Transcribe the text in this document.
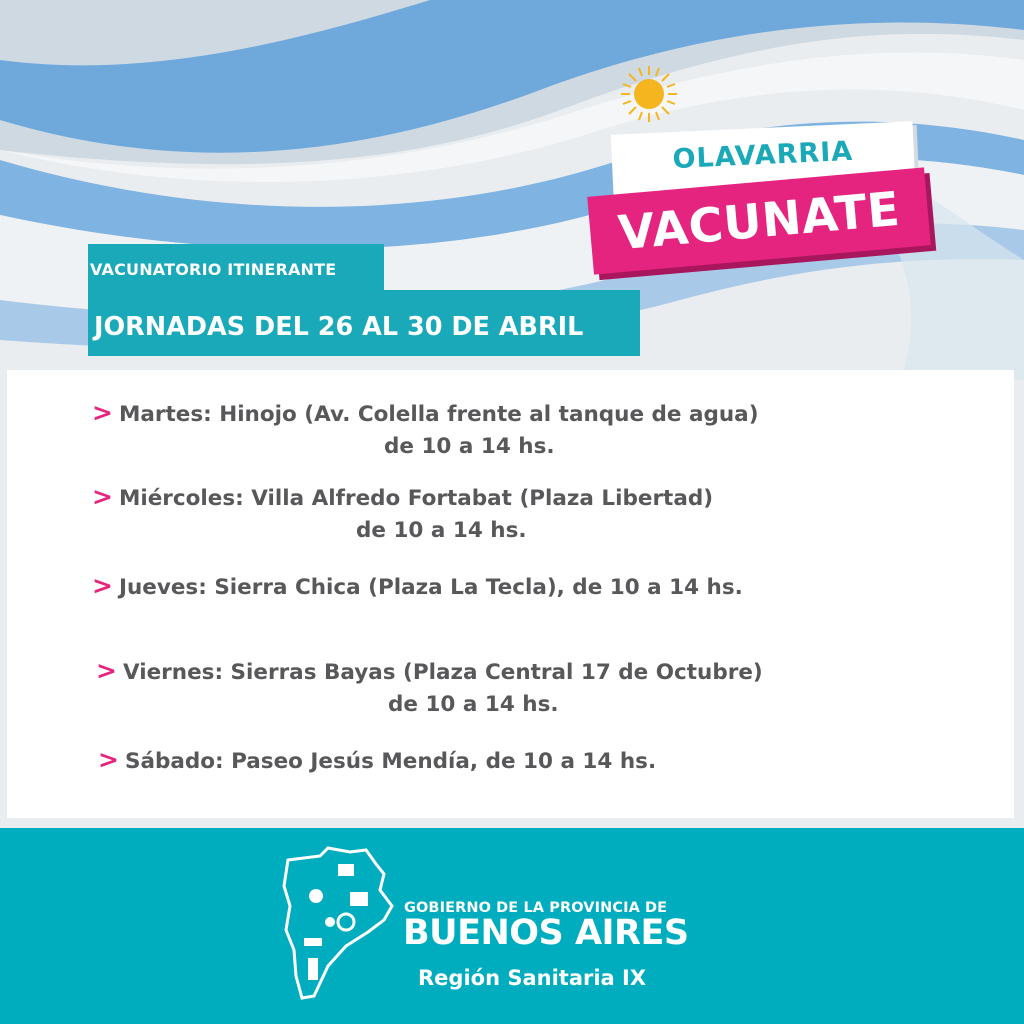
OLAVARRIA
VACUNATE
VACUNATORIO ITINERANTE
JORNADAS DEL 26 AL 30 DE ABRIL
> Martes: Hinojo (Av. Colella frente al tanque de agua)
de 10 a 14 hs.
> Miércoles: Villa Alfredo Fortabat (Plaza Libertad)
de 10 a 14 hs.
> Jueves: Sierra Chica (Plaza La Tecla), de 10 a 14 hs.
> Viernes: Sierras Bayas (Plaza Central 17 de Octubre)
de 10 a 14 hs.
> Sábado: Paseo Jesús Mendía, de 10 a 14 hs.
GOBIERNO DE LA PROVINCIA DE
BUENOS AIRES
Región Sanitaria IX
